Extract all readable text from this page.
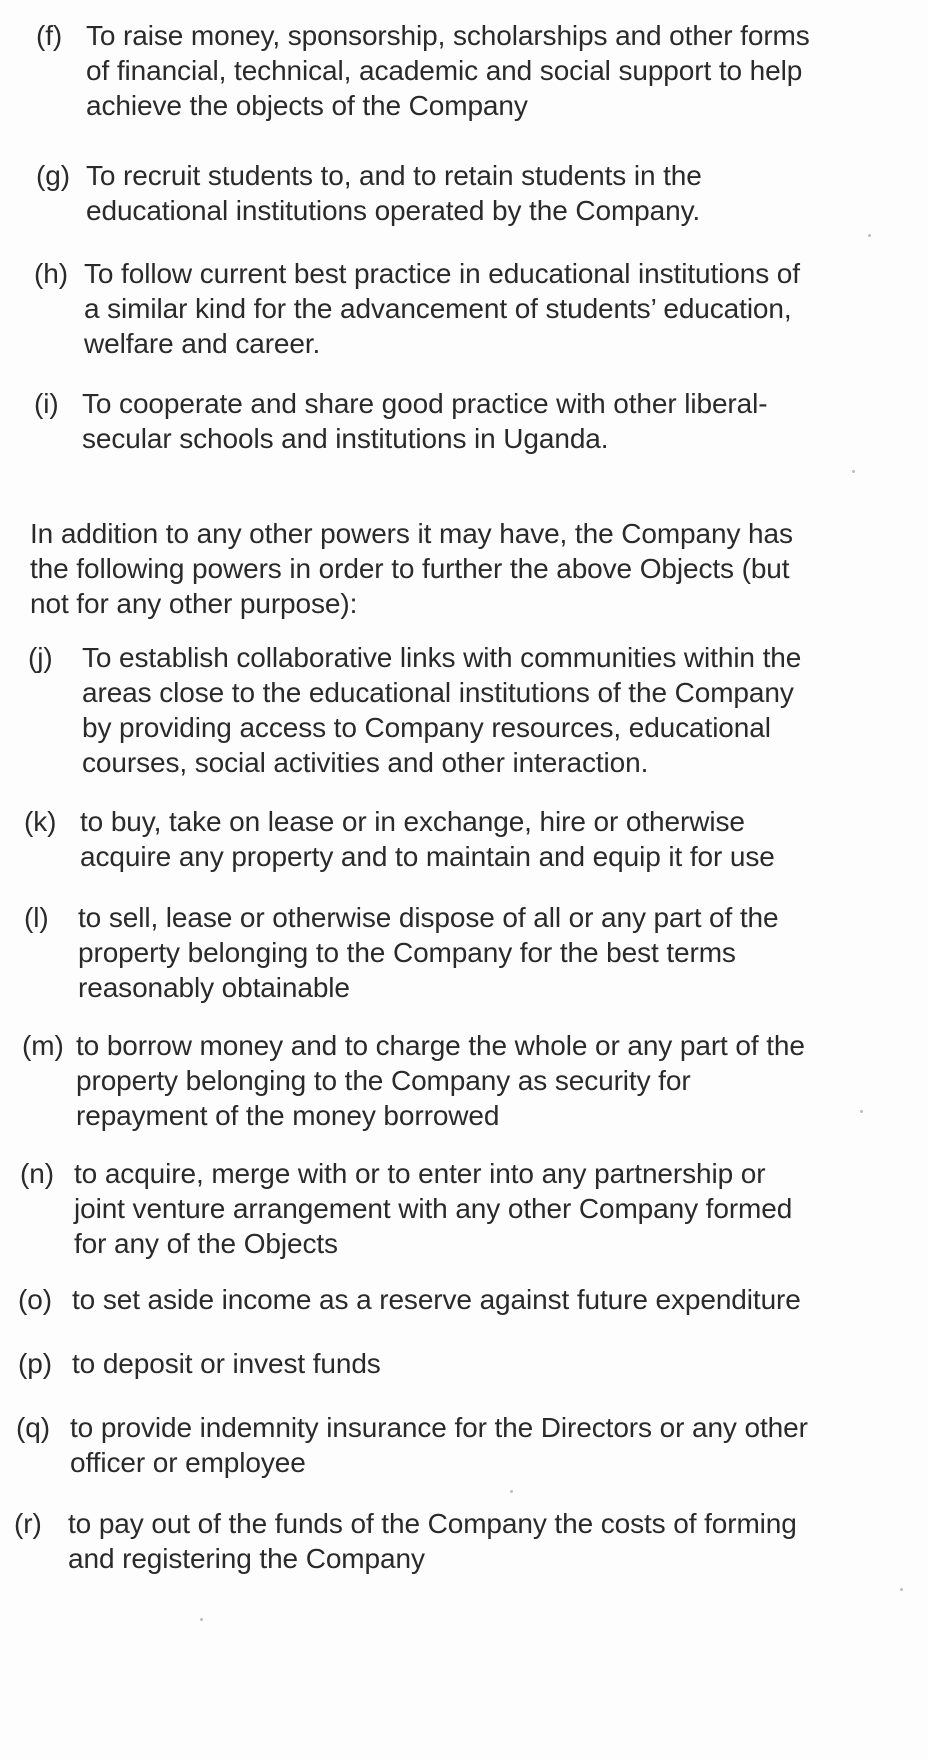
(f) To raise money, sponsorship, scholarships and other forms
of financial, technical, academic and social support to help
achieve the objects of the Company
(g) To recruit students to, and to retain students in the
educational institutions operated by the Company.
(h) To follow current best practice in educational institutions of
a similar kind for the advancement of students’ education,
welfare and career.
(i) To cooperate and share good practice with other liberal-
secular schools and institutions in Uganda.
In addition to any other powers it may have, the Company has
the following powers in order to further the above Objects (but
not for any other purpose):
(j)	To establish collaborative links with communities within the
areas close to the educational institutions of the Company
by providing access to Company resources, educational
courses, social activities and other interaction.
(k) to buy, take on lease or in exchange, hire or otherwise
acquire any property and to maintain and equip it for use
(l)	to sell, lease or otherwise dispose of all or any part of the
property belonging to the Company for the best terms
reasonably obtainable
(m) to borrow money and to charge the whole or any part of the
property belonging to the Company as security for
repayment of the money borrowed
(n) to acquire, merge with or to enter into any partnership or
joint venture arrangement with any other Company formed
for any of the Objects
(o) to set aside income as a reserve against future expenditure
(p) to deposit or invest funds
(q) to provide indemnity insurance for the Directors or any other
officer or employee
(r) to pay out of the funds of the Company the costs of forming
and registering the Company
